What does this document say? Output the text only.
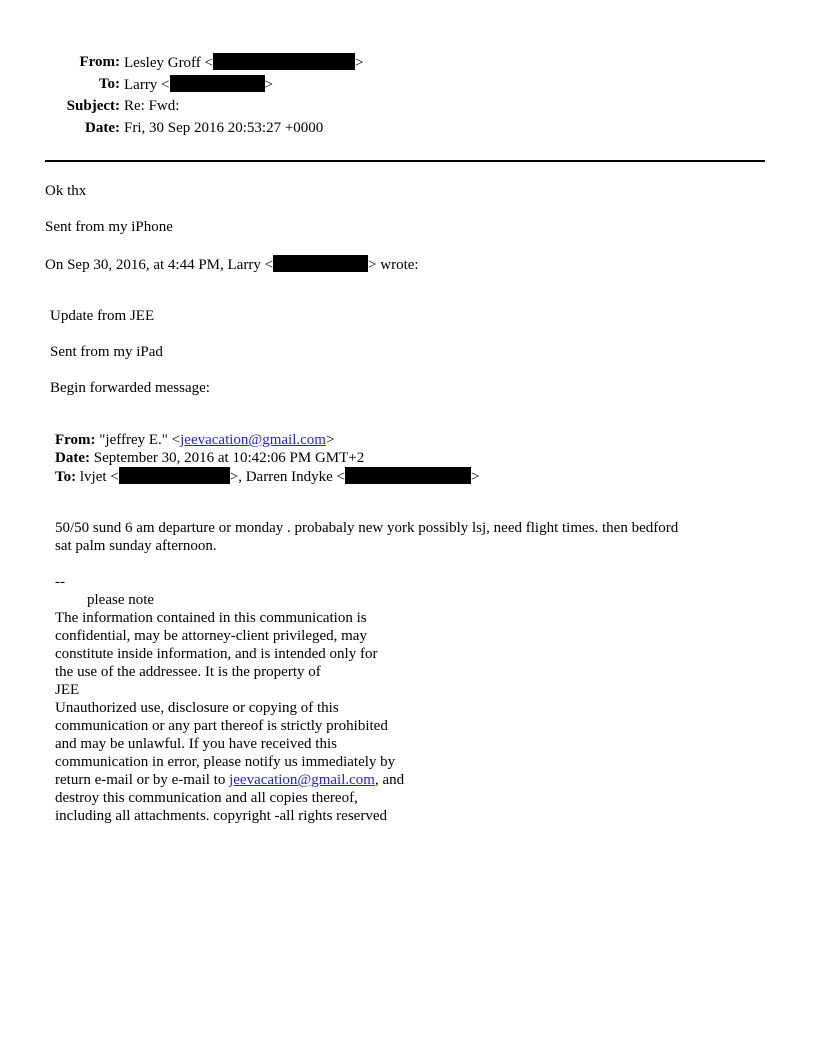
From: Lesley Groff <	>
To: Larry <	>
Subject: Re: Fwd:
Date: Fri, 30 Sep 2016 20:53:27 +0000
Ok thx
Sent from my iPhone
On Sep 30, 2016, at 4:44 PM, Larry <	> wrote:
Update from JEE
Sent from my iPad
Begin forwarded message:
From: "jeffrey E." <jeevacation@gmail.com>
Date: September 30, 2016 at 10:42:06 PM GMT+2
To: lvjet <	>, Darren Indyke <	>
50/50 sund 6 am departure or monday . probabaly new york possibly lsj, need flight times. then bedford
sat palm sunday afternoon.
--
please note
The information contained in this communication is
confidential, may be attorney-client privileged, may
constitute inside information, and is intended only for
the use of the addressee. It is the property of
JEE
Unauthorized use, disclosure or copying of this
communication or any part thereof is strictly prohibited
and may be unlawful. If you have received this
communication in error, please notify us immediately by
return e-mail or by e-mail to jeevacation@gmail.com, and
destroy this communication and all copies thereof,
including all attachments. copyright -all rights reserved
